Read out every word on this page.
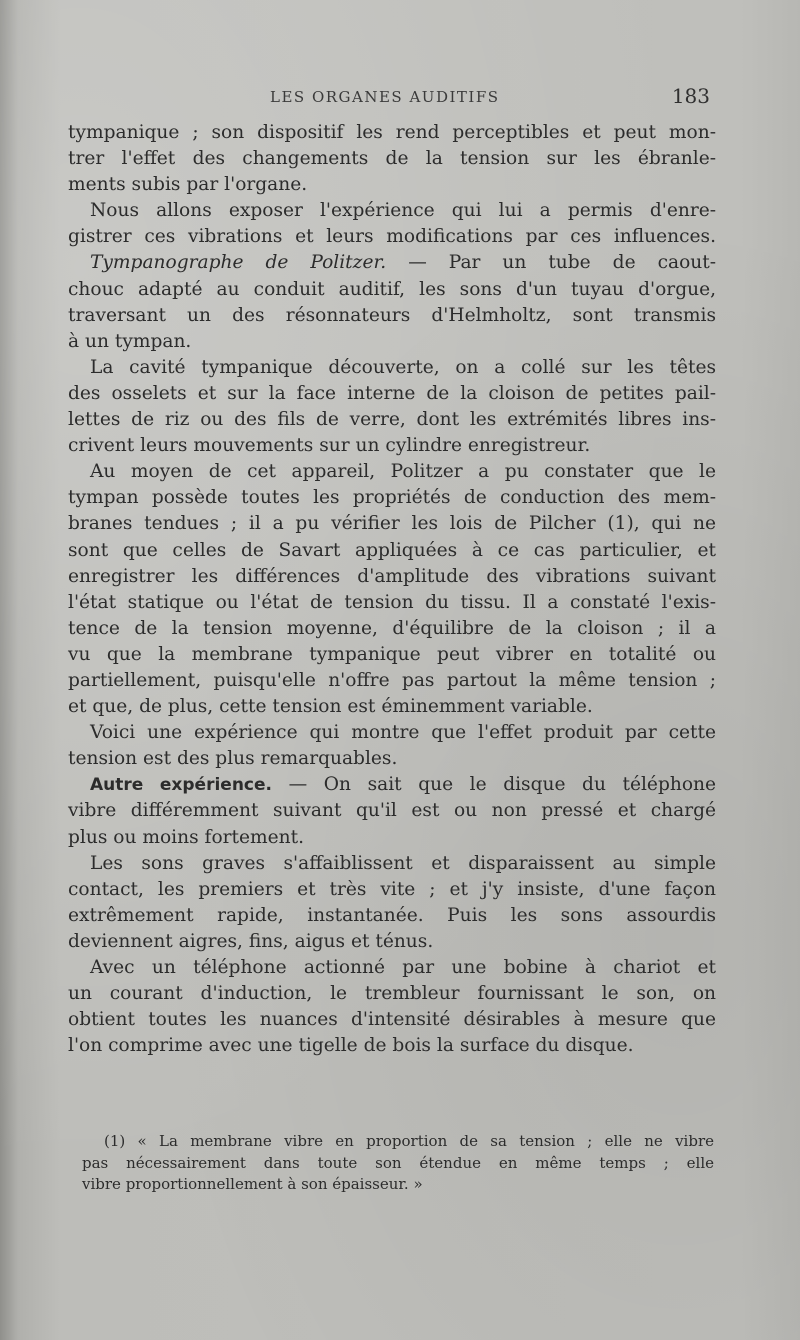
LES ORGANES AUDITIFS	183
tympanique ; son dispositif les rend perceptibles et peut mon-
trer l'effet des changements de la tension sur les ébranle-
ments subis par l'organe.
Nous allons exposer l'expérience qui lui a permis d'enre-
gistrer ces vibrations et leurs modifications par ces influences.
Tympanographe de Politzer. — Par un tube de caout-
chouc adapté au conduit auditif, les sons d'un tuyau d'orgue,
traversant un des résonnateurs d'Helmholtz, sont transmis
à un tympan.
La cavité tympanique découverte, on a collé sur les têtes
des osselets et sur la face interne de la cloison de petites pail-
lettes de riz ou des fils de verre, dont les extrémités libres ins-
crivent leurs mouvements sur un cylindre enregistreur.
Au moyen de cet appareil, Politzer a pu constater que le
tympan possède toutes les propriétés de conduction des mem-
branes tendues ; il a pu vérifier les lois de Pilcher (1), qui ne
sont que celles de Savart appliquées à ce cas particulier, et
enregistrer les différences d'amplitude des vibrations suivant
l'état statique ou l'état de tension du tissu. Il a constaté l'exis-
tence de la tension moyenne, d'équilibre de la cloison ; il a
vu que la membrane tympanique peut vibrer en totalité ou
partiellement, puisqu'elle n'offre pas partout la même tension ;
et que, de plus, cette tension est éminemment variable.
Voici une expérience qui montre que l'effet produit par cette
tension est des plus remarquables.
Autre expérience. — On sait que le disque du téléphone
vibre différemment suivant qu'il est ou non pressé et chargé
plus ou moins fortement.
Les sons graves s'affaiblissent et disparaissent au simple
contact, les premiers et très vite ; et j'y insiste, d'une façon
extrêmement rapide, instantanée. Puis les sons assourdis
deviennent aigres, fins, aigus et ténus.
Avec un téléphone actionné par une bobine à chariot et
un courant d'induction, le trembleur fournissant le son, on
obtient toutes les nuances d'intensité désirables à mesure que
l'on comprime avec une tigelle de bois la surface du disque.
(1) « La membrane vibre en proportion de sa tension ; elle ne vibre
pas nécessairement dans toute son étendue en même temps ; elle
vibre proportionnellement à son épaisseur. »
